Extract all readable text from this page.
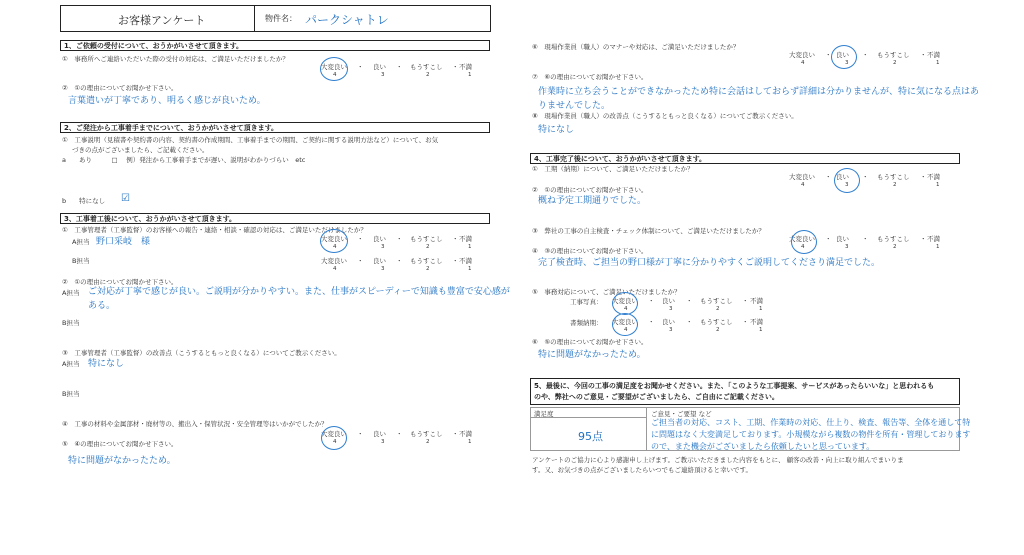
お客様アンケート	物件名： パークシャトレ
1、ご依頼の受付について、おうかがいさせて頂きます。
①　事務所へご連絡いただいた際の受付の対応は、ご満足いただけましたか？
大変良い ・ 良い ・ もうすこし ・ 不満
4	3	2	1
②　①の理由についてお聞かせ下さい。
言葉遣いが丁寧であり、明るく感じが良いため。
2、ご発注から工事着手までについて、おうかがいさせて頂きます。
①　工事説明（見積書や契約書の内容、契約書の作成期間、工事着手までの期間、ご契約に関する説明方法など）について、お気
づきの点がございましたら、ご記載ください。
a　　あり　　　□　 例）発注から工事着手までが遅い、説明がわかりづらい　etc
b　　特になし ☑
3、工事着工後について、おうかがいさせて頂きます。
①　工事管理者（工事監督）のお客様への報告・連絡・相談・確認の対応は、ご満足いただけましたか？
A担当 野口采岐　様	大変良い ・ 良い ・ もうすこし ・ 不満
4	3	2	1
B担当	大変良い ・ 良い ・ もうすこし ・ 不満
4	3	2	1
②　①の理由についてお聞かせ下さい。
A担当 ご対応が丁寧で感じが良い。ご説明が分かりやすい。また、仕事がスピーディーで知識も豊富で安心感が
ある。
B担当
③　工事管理者（工事監督）の改善点（こうするともっと良くなる）についてご教示ください。
A担当 特になし
B担当
④　工事の材料や金属部材・廃材等の、搬出入・保管状況・安全管理等はいかがでしたか？
大変良い ・ 良い ・ もうすこし ・ 不満
4	3	2	1
⑤　④の理由についてお聞かせ下さい。
特に問題がなかったため。
⑥　現場作業員（職人）のマナーや対応は、ご満足いただけましたか？
大変良い ・ 良い ・ もうすこし ・ 不満
4	3	2	1
⑦　⑥の理由についてお聞かせ下さい。
作業時に立ち会うことができなかったため特に会話はしておらず詳細は分かりませんが、特に気になる点はあ
りませんでした。
⑧　現場作業員（職人）の改善点（こうするともっと良くなる）についてご教示ください。
特になし
4、工事完了後について、おうかがいさせて頂きます。
①　工期（納期）について、ご満足いただけましたか？
大変良い ・ 良い ・ もうすこし ・ 不満
4	3	2	1
②　①の理由についてお聞かせ下さい。
概ね予定工期通りでした。
③　弊社の工事の自主検査・チェック体制について、ご満足いただけましたか？
大変良い ・ 良い ・ もうすこし ・ 不満
4	3	2	1
④　③の理由についてお聞かせ下さい。
完了検査時、ご担当の野口様が丁寧に分かりやすくご説明してくださり満足でした。
⑤　事務対応について、ご満足いただけましたか？
工事写真： 大変良い ・ 良い ・ もうすこし ・ 不満
4	3	2	1
書類納期： 大変良い ・ 良い ・ もうすこし ・ 不満
4	3	2	1
⑥　⑤の理由についてお聞かせ下さい。
特に問題がなかったため。
5、最後に、今回の工事の満足度をお聞かせください。また、「このような工事提案、サービスがあったらいいな」と思われるも
のや、弊社へのご意見・ご要望がございましたら、ご自由にご記載ください。
満足度
95点
ご意見・ご要望 など
ご担当者の対応、コスト、工期、作業時の対応、仕上り、検査、報告等、全体を通して特
に問題はなく大変満足しております。小規模ながら複数の物件を所有・管理しております
ので、また機会がございましたら依頼したいと思っています。
アンケートのご協力に心より感謝申し上げます。ご教示いただきました内容をもとに、 顧客の改善・向上に取り組んでまいりま
す。又、お気づきの点がございましたらいつでもご連絡頂けると幸いです。
